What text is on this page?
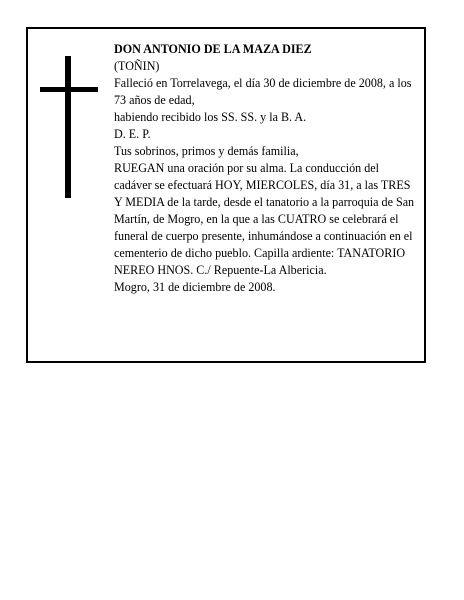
DON ANTONIO DE LA MAZA DIEZ

(TOÑIN)

Falleció en Torrelavega, el día 30 de diciembre de 2008, a los 73 años de edad,

habiendo recibido los SS. SS. y la B. A.

D. E. P.

Tus sobrinos, primos y demás familia,

RUEGAN una oración por su alma. La conducción del cadáver se efectuará HOY, MIERCOLES, día 31, a las TRES Y MEDIA de la tarde, desde el tanatorio a la parroquia de San Martín, de Mogro, en la que a las CUATRO se celebrará el funeral de cuerpo presente, inhumándose a continuación en el cementerio de dicho pueblo. Capilla ardiente: TANATORIO NEREO HNOS. C./ Repuente-La Albericia.

Mogro, 31 de diciembre de 2008.
